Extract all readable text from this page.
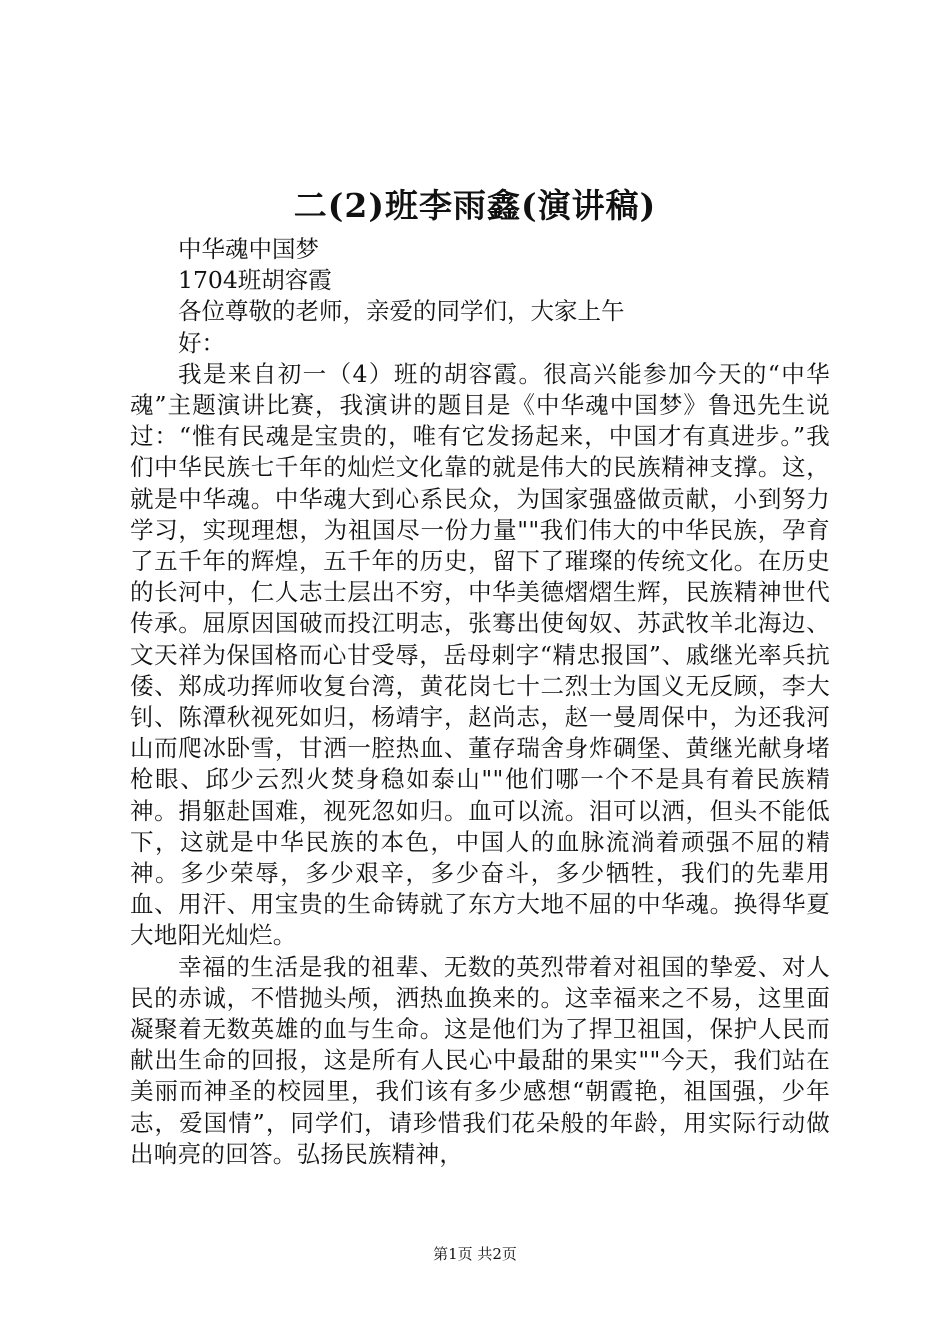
二(2)班李雨鑫(演讲稿)

中华魂中国梦

1704班胡容霞

各位尊敬的老师，亲爱的同学们，大家上午

好：

我是来自初一（4）班的胡容霞。很高兴能参加今天的“中华魂”主题演讲比赛，我演讲的题目是《中华魂中国梦》鲁迅先生说过：“惟有民魂是宝贵的，唯有它发扬起来，中国才有真进步。”我们中华民族七千年的灿烂文化靠的就是伟大的民族精神支撑。这，就是中华魂。中华魂大到心系民众，为国家强盛做贡献，小到努力学习，实现理想，为祖国尽一份力量""我们伟大的中华民族，孕育了五千年的辉煌，五千年的历史，留下了璀璨的传统文化。在历史的长河中，仁人志士层出不穷，中华美德熠熠生辉，民族精神世代传承。屈原因国破而投江明志，张骞出使匈奴、苏武牧羊北海边、文天祥为保国格而心甘受辱，岳母刺字“精忠报国”、戚继光率兵抗倭、郑成功挥师收复台湾，黄花岗七十二烈士为国义无反顾，李大钊、陈潭秋视死如归，杨靖宇，赵尚志，赵一曼周保中，为还我河山而爬冰卧雪，甘洒一腔热血、董存瑞舍身炸碉堡、黄继光献身堵枪眼、邱少云烈火焚身稳如泰山""他们哪一个不是具有着民族精神。捐躯赴国难，视死忽如归。血可以流。泪可以洒，但头不能低下，这就是中华民族的本色，中国人的血脉流淌着顽强不屈的精神。多少荣辱，多少艰辛，多少奋斗，多少牺牲，我们的先辈用血、用汗、用宝贵的生命铸就了东方大地不屈的中华魂。换得华夏大地阳光灿烂。

幸福的生活是我的祖辈、无数的英烈带着对祖国的挚爱、对人民的赤诚，不惜抛头颅，洒热血换来的。这幸福来之不易，这里面凝聚着无数英雄的血与生命。这是他们为了捍卫祖国，保护人民而献出生命的回报，这是所有人民心中最甜的果实""今天，我们站在美丽而神圣的校园里，我们该有多少感想“朝霞艳，祖国强，少年志，爱国情”，同学们，请珍惜我们花朵般的年龄，用实际行动做出响亮的回答。弘扬民族精神，

第1页 共2页
